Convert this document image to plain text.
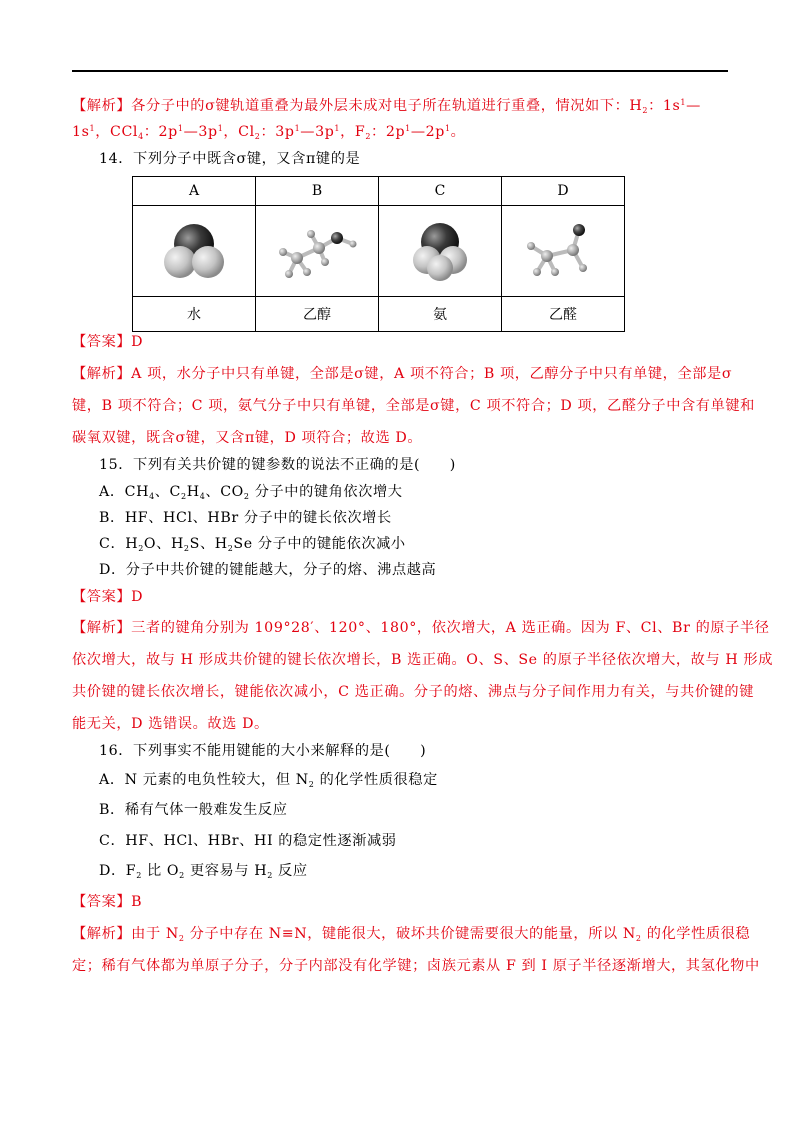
【解析】各分子中的σ键轨道重叠为最外层未成对电子所在轨道进行重叠，情况如下：$H_2$：$1s^1—$
$1s^1$，CCl$_4$：$2p^1—3p^1$，$Cl_2$：$3p^1—3p^1$，$F_2$：$2p^1—2p^1$。
14．下列分子中既含σ键，又含π键的是
A	B	C	D

水	乙醇	氨	乙醛
【答案】D
【解析】A 项，水分子中只有单键，全部是σ键，A 项不符合；B 项，乙醇分子中只有单键，全部是σ
键，B 项不符合；C 项，氨气分子中只有单键，全部是σ键，C 项不符合；D 项，乙醛分子中含有单键和
碳氧双键，既含σ键，又含π键，D 项符合；故选 D。
15．下列有关共价键的键参数的说法不正确的是(　　)
A．$CH_4$、$C_2H_4$、$CO_2$ 分子中的键角依次增大
B．HF、HCl、HBr 分子中的键长依次增长
C．$H_2O$、$H_2S$、$H_2Se$ 分子中的键能依次减小
D．分子中共价键的键能越大，分子的熔、沸点越高
【答案】D
【解析】三者的键角分别为 109°28′、120°、180°，依次增大，A 选正确。因为 F、Cl、Br 的原子半径
依次增大，故与 H 形成共价键的键长依次增长，B 选正确。O、S、Se 的原子半径依次增大，故与 H 形成
共价键的键长依次增长，键能依次减小，C 选正确。分子的熔、沸点与分子间作用力有关，与共价键的键
能无关，D 选错误。故选 D。
16．下列事实不能用键能的大小来解释的是(　　)
A．N 元素的电负性较大，但 $N_2$ 的化学性质很稳定
B．稀有气体一般难发生反应
C．HF、HCl、HBr、HI 的稳定性逐渐减弱
D．$F_2$ 比 $O_2$ 更容易与 $H_2$ 反应
【答案】B
【解析】由于 $N_2$ 分子中存在 N≡N，键能很大，破坏共价键需要很大的能量，所以 $N_2$ 的化学性质很稳
定；稀有气体都为单原子分子，分子内部没有化学键；卤族元素从 F 到 I 原子半径逐渐增大，其氢化物中
